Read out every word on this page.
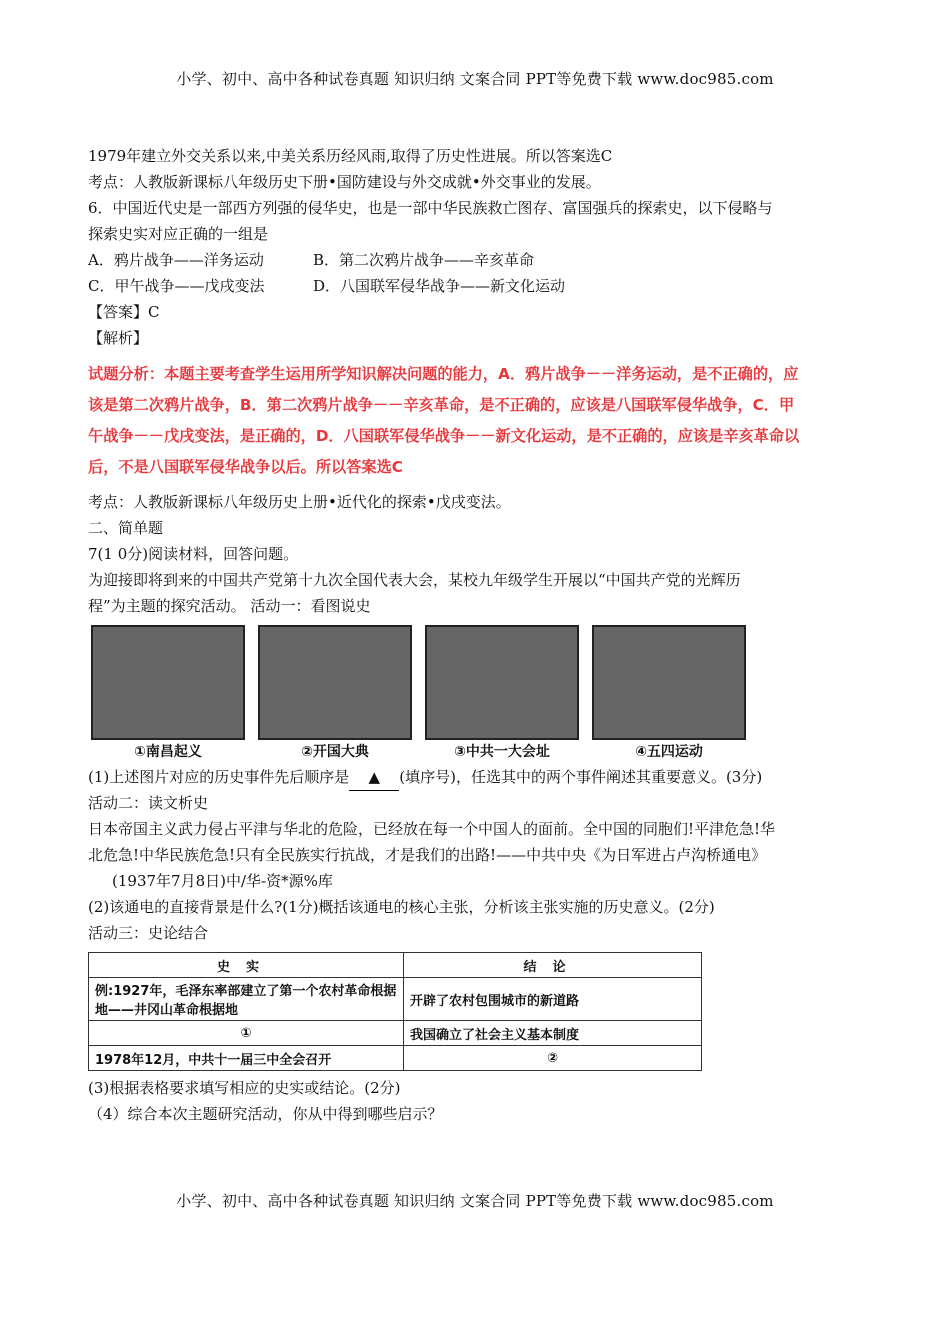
小学、初中、高中各种试卷真题 知识归纳 文案合同 PPT等免费下载 www.doc985.com
1979年建立外交关系以来,中美关系历经风雨,取得了历史性进展。所以答案选C
考点：人教版新课标八年级历史下册•国防建设与外交成就•外交事业的发展。
6．中国近代史是一部西方列强的侵华史，也是一部中华民族救亡图存、富国强兵的探索史，以下侵略与
探索史实对应正确的一组是
A．鸦片战争——洋务运动	B．第二次鸦片战争——辛亥革命
C．甲午战争——戊戌变法	D．八国联军侵华战争——新文化运动
【答案】C
【解析】
试题分析：本题主要考查学生运用所学知识解决问题的能力，A．鸦片战争－－洋务运动，是不正确的，应
该是第二次鸦片战争，B．第二次鸦片战争－－辛亥革命，是不正确的，应该是八国联军侵华战争，C．甲
午战争－－戊戌变法，是正确的，D．八国联军侵华战争－－新文化运动，是不正确的，应该是辛亥革命以
后，不是八国联军侵华战争以后。所以答案选C
考点：人教版新课标八年级历史上册•近代化的探索•戊戌变法。
二、简单题
7(1 0分)阅读材料，回答问题。
为迎接即将到来的中国共产党第十九次全国代表大会，某校九年级学生开展以“中国共产党的光辉历
程”为主题的探究活动。 活动一：看图说史
①南昌起义	②开国大典	③中共一大会址	④五四运动
(1)上述图片对应的历史事件先后顺序是 ▲ (填序号)，任选其中的两个事件阐述其重要意义。(3分)
活动二：读文析史
日本帝国主义武力侵占平津与华北的危险，已经放在每一个中国人的面前。全中国的同胞们!平津危急!华
北危急!中华民族危急!只有全民族实行抗战，才是我们的出路!——中共中央《为日军进占卢沟桥通电》
(1937年7月8日)中/华-资*源%库
(2)该通电的直接背景是什么?(1分)概括该通电的核心主张，分析该主张实施的历史意义。(2分)
活动三：史论结合
史实	结论
例:1927年，毛泽东率部建立了第一个农村革命根据地——井冈山革命根据地	开辟了农村包围城市的新道路
①	我国确立了社会主义基本制度
1978年12月，中共十一届三中全会召开	②
(3)根据表格要求填写相应的史实或结论。(2分)
（4）综合本次主题研究活动，你从中得到哪些启示？
小学、初中、高中各种试卷真题 知识归纳 文案合同 PPT等免费下载 www.doc985.com
